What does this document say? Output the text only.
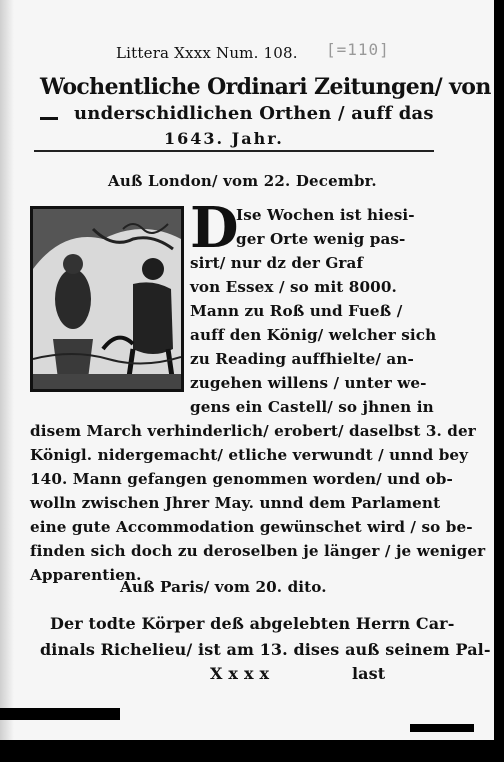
Littera Xxxx Num. 108. [=110]
Wochentliche Ordinari Zeitungen/ von
underschidlichen Orthen / auff das
1643. Jahr.
Auß London/ vom 22. Decembr.
D
Ise Wochen ist hiesi-
ger Orte wenig pas-
sirt/ nur dz der Graf
von Essex / so mit 8000.
Mann zu Roß und Fueß /
auff den König/ welcher sich
zu Reading auffhielte/ an-
zugehen willens / unter we-
gens ein Castell/ so jhnen in
disem March verhinderlich/ erobert/ daselbst 3. der
Königl. nidergemacht/ etliche verwundt / unnd bey
140. Mann gefangen genommen worden/ und ob-
wolln zwischen Jhrer May. unnd dem Parlament
eine gute Accommodation gewünschet wird / so be-
finden sich doch zu deroselben je länger / je weniger
Apparentien.
Auß Paris/ vom 20. dito.
Der todte Körper deß abgelebten Herrn Car-
dinals Richelieu/ ist am 13. dises auß seinem Pal-
Xxxx	last
